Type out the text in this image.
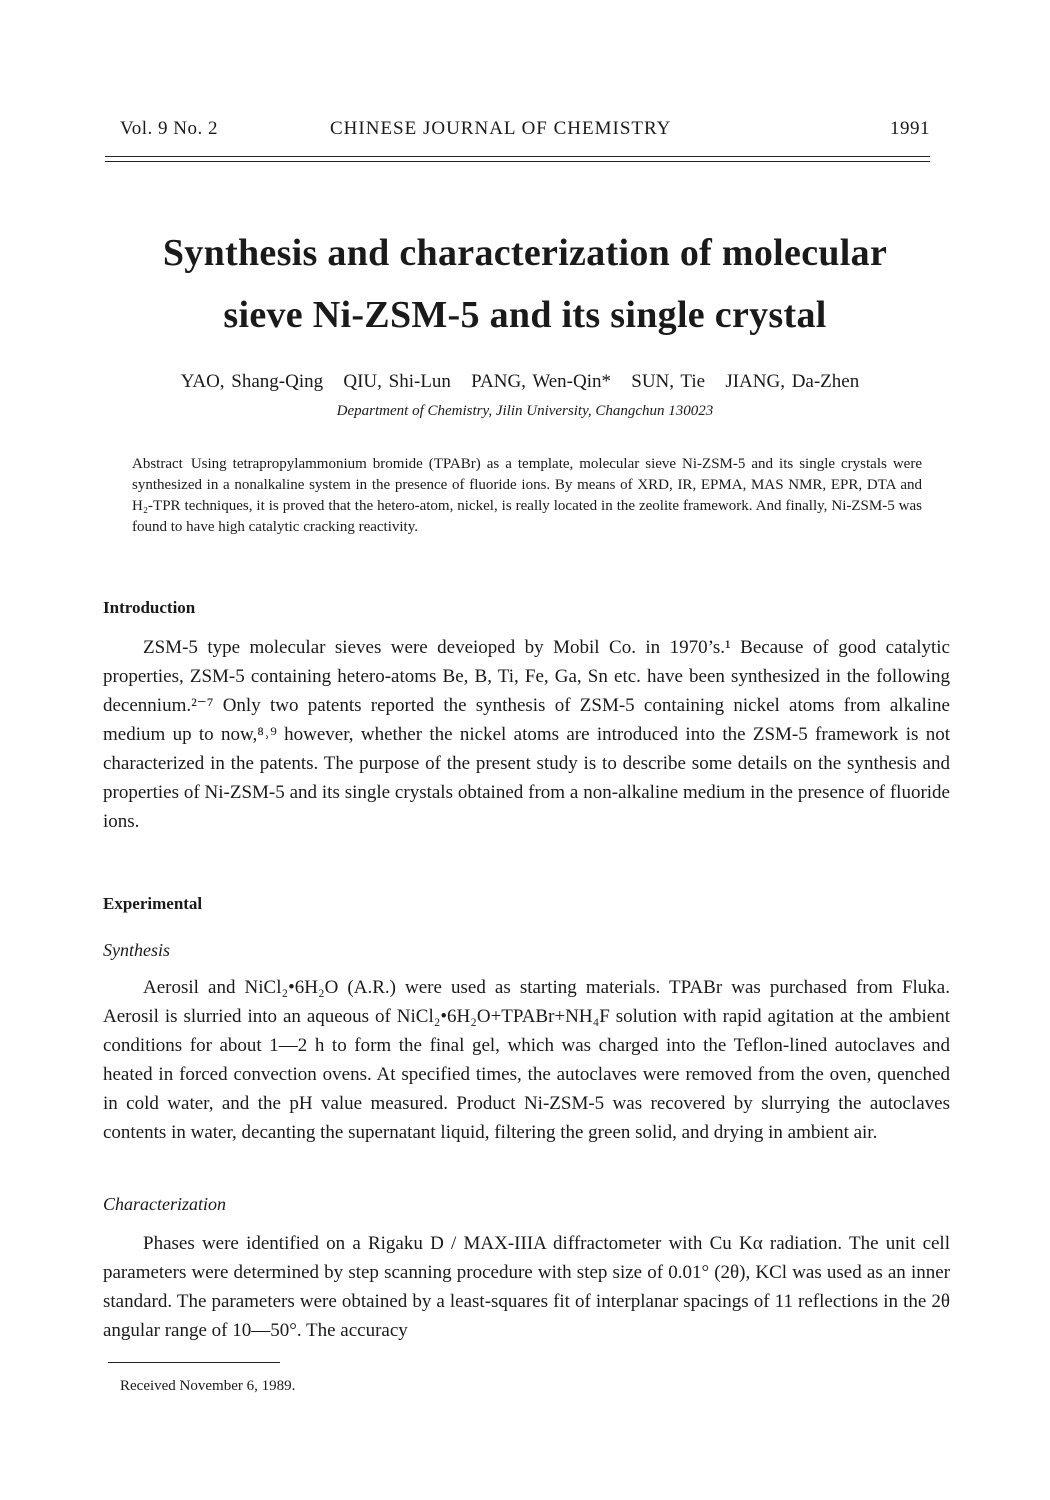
Vol. 9 No. 2	CHINESE JOURNAL OF CHEMISTRY	1991
Synthesis and characterization of molecular
sieve Ni-ZSM-5 and its single crystal
YAO, Shang-Qing   QIU, Shi-Lun   PANG, Wen-Qin*   SUN, Tie   JIANG, Da-Zhen
Department of Chemistry, Jilin University, Changchun 130023
Abstract Using tetrapropylammonium bromide (TPABr) as a template, molecular sieve Ni-ZSM-5 and its single crystals were synthesized in a nonalkaline system in the presence of fluoride ions. By means of XRD, IR, EPMA, MAS NMR, EPR, DTA and H₂-TPR techniques, it is proved that the hetero-atom, nickel, is really located in the zeolite framework. And finally, Ni-ZSM-5 was found to have high catalytic cracking reactivity.
Introduction
ZSM-5 type molecular sieves were deveioped by Mobil Co. in 1970’s.¹ Because of good catalytic properties, ZSM-5 containing hetero-atoms Be, B, Ti, Fe, Ga, Sn etc. have been synthesized in the following decennium.²⁻⁷ Only two patents reported the synthesis of ZSM-5 containing nickel atoms from alkaline medium up to now,⁸˒⁹ however, whether the nickel atoms are introduced into the ZSM-5 framework is not characterized in the patents. The purpose of the present study is to describe some details on the synthesis and properties of Ni-ZSM-5 and its single crystals obtained from a non-alkaline medium in the presence of fluoride ions.
Experimental
Synthesis
Aerosil and NiCl₂•6H₂O (A.R.) were used as starting materials. TPABr was purchased from Fluka. Aerosil is slurried into an aqueous of NiCl₂•6H₂O+TPABr+NH₄F solution with rapid agitation at the ambient conditions for about 1—2 h to form the final gel, which was charged into the Teflon-lined autoclaves and heated in forced convection ovens. At specified times, the autoclaves were removed from the oven, quenched in cold water, and the pH value measured. Product Ni-ZSM-5 was recovered by slurrying the autoclaves contents in water, decanting the supernatant liquid, filtering the green solid, and drying in ambient air.
Characterization
Phases were identified on a Rigaku D / MAX-IIIA diffractometer with Cu Kα radiation. The unit cell parameters were determined by step scanning procedure with step size of 0.01° (2θ), KCl was used as an inner standard. The parameters were obtained by a least-squares fit of interplanar spacings of 11 reflections in the 2θ angular range of 10—50°. The accuracy
Received November 6, 1989.
